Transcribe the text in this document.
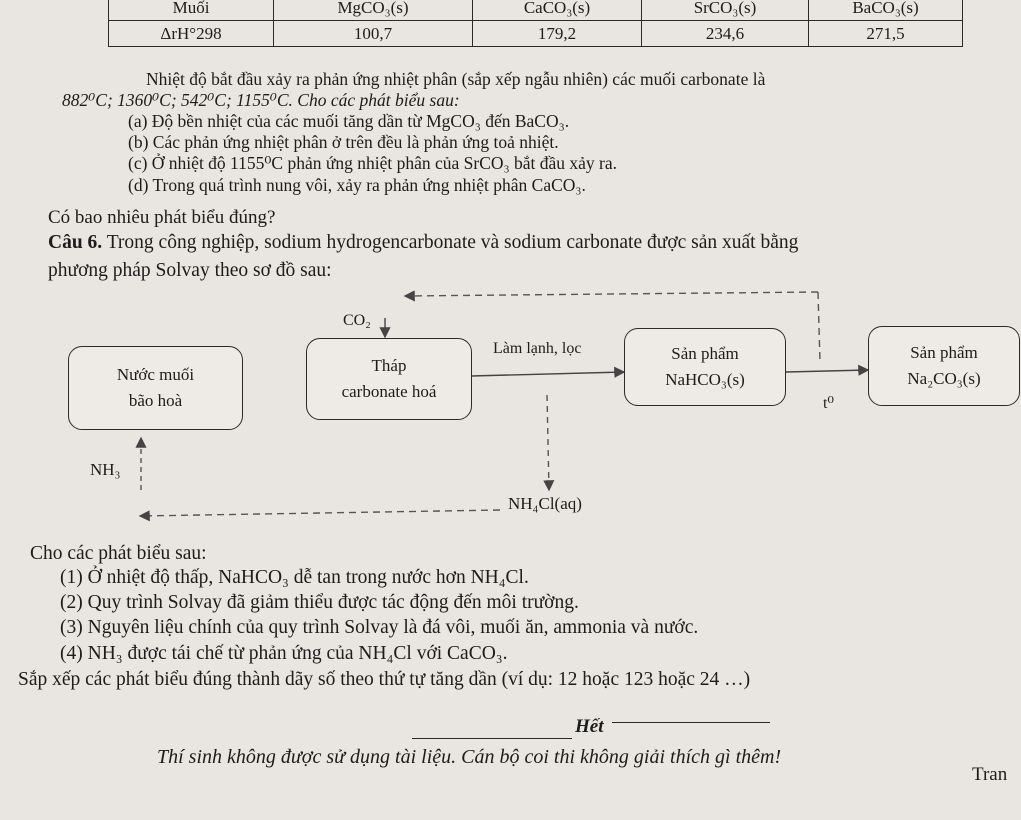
Muối	MgCO₃(s)	CaCO₃(s)	SrCO₃(s)	BaCO₃(s)
ΔrH°298	100,7	179,2	234,6	271,5
Nhiệt độ bắt đầu xảy ra phản ứng nhiệt phân (sắp xếp ngẫu nhiên) các muối carbonate là
882⁰C; 1360⁰C; 542⁰C; 1155⁰C. Cho các phát biểu sau:
(a) Độ bền nhiệt của các muối tăng dần từ MgCO₃ đến BaCO₃.
(b) Các phản ứng nhiệt phân ở trên đều là phản ứng toả nhiệt.
(c) Ở nhiệt độ 1155⁰C phản ứng nhiệt phân của SrCO₃ bắt đầu xảy ra.
(d) Trong quá trình nung vôi, xảy ra phản ứng nhiệt phân CaCO₃.
Có bao nhiêu phát biểu đúng?
Câu 6. Trong công nghiệp, sodium hydrogencarbonate và sodium carbonate được sản xuất bằng
phương pháp Solvay theo sơ đồ sau:
Nước muối
bão hoà
Tháp
carbonate hoá
Sản phẩm
NaHCO₃(s)
Sản phẩm
Na₂CO₃(s)
CO₂
Làm lạnh, lọc
t⁰
NH₃
NH₄Cl(aq)
Cho các phát biểu sau:
(1) Ở nhiệt độ thấp, NaHCO₃ dễ tan trong nước hơn NH₄Cl.
(2) Quy trình Solvay đã giảm thiểu được tác động đến môi trường.
(3) Nguyên liệu chính của quy trình Solvay là đá vôi, muối ăn, ammonia và nước.
(4) NH₃ được tái chế từ phản ứng của NH₄Cl với CaCO₃.
Sắp xếp các phát biểu đúng thành dãy số theo thứ tự tăng dần (ví dụ: 12 hoặc 123 hoặc 24 …)
Hết
Thí sinh không được sử dụng tài liệu. Cán bộ coi thi không giải thích gì thêm!
Tran
